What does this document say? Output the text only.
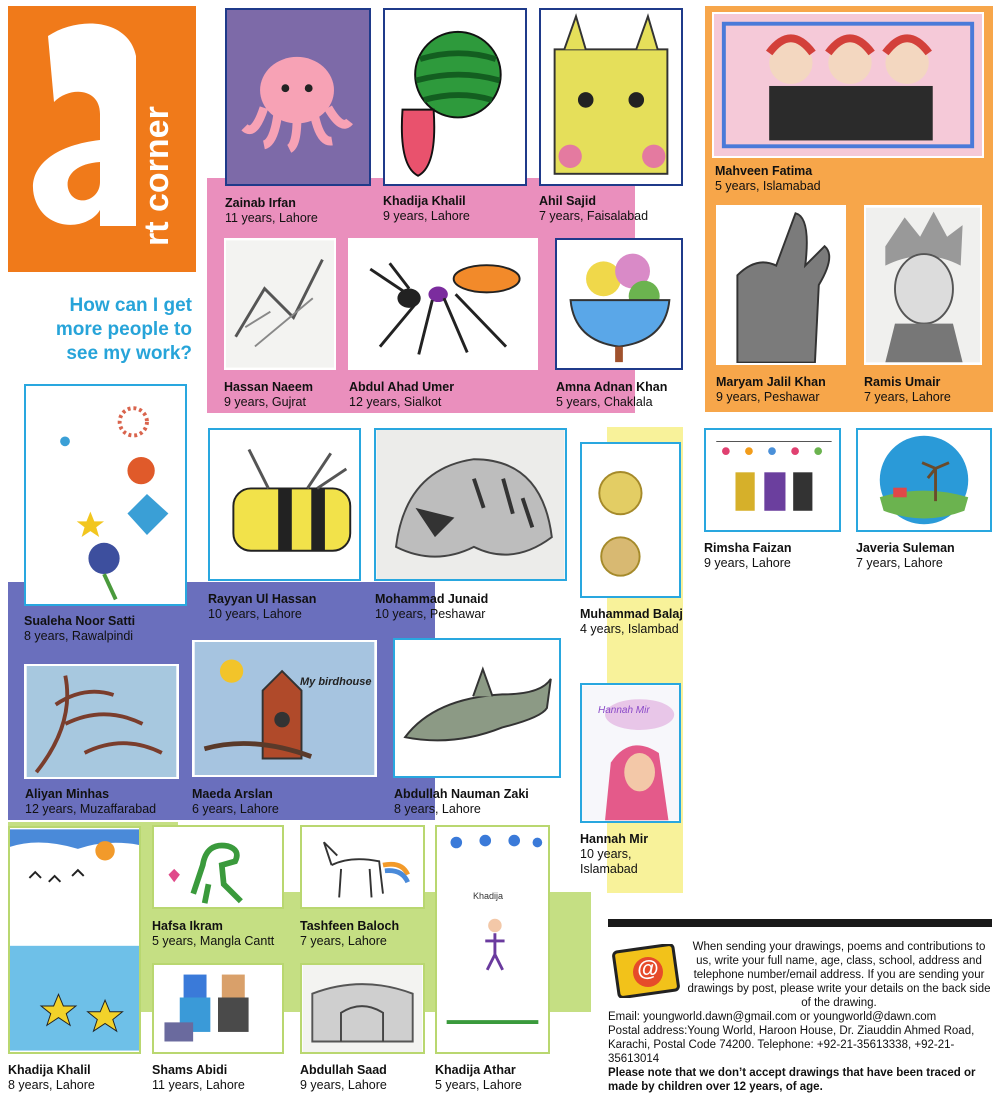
rt corner
How can I get more people to see my work?
Zainab Irfan
11 years, Lahore
Khadija Khalil
9 years, Lahore
Ahil Sajid
7 years, Faisalabad
Mahveen Fatima
5 years, Islamabad
Hassan Naeem
9 years, Gujrat
Abdul Ahad Umer
12 years, Sialkot
Amna Adnan Khan
5 years, Chaklala
Maryam Jalil Khan
9 years, Peshawar
Ramis Umair
7 years, Lahore
Sualeha Noor Satti
8 years, Rawalpindi
Rayyan Ul Hassan
10 years, Lahore
Mohammad Junaid
10 years, Peshawar	Muhammad Balaj
4 years, Islambad
Rimsha Faizan
9 years, Lahore
Javeria Suleman
7 years, Lahore
My birdhouse
Hannah Mir
Aliyan Minhas
12 years, Muzaffarabad
Maeda Arslan
6 years, Lahore
Abdullah Nauman Zaki
8 years, Lahore
Hannah Mir
10 years, Islamabad
Khadija
Hafsa Ikram
5 years, Mangla Cantt
Tashfeen Baloch
7 years, Lahore
Khadija Khalil
8 years, Lahore
Shams Abidi
11 years, Lahore
Abdullah Saad
9 years, Lahore
Khadija Athar
5 years, Lahore
@
When sending your drawings, poems and contributions to us, write your full name, age, class, school, address and telephone number/email address. If you are sending your drawings by post, please write your details on the back side of the drawing.
Email: youngworld.dawn@gmail.com or youngworld@dawn.com
Postal address:Young World, Haroon House, Dr. Ziauddin Ahmed Road, Karachi, Postal Code 74200. Telephone: +92-21-35613338, +92-21-35613014
Please note that we don’t accept drawings that have been traced or made by children over 12 years, of age.
